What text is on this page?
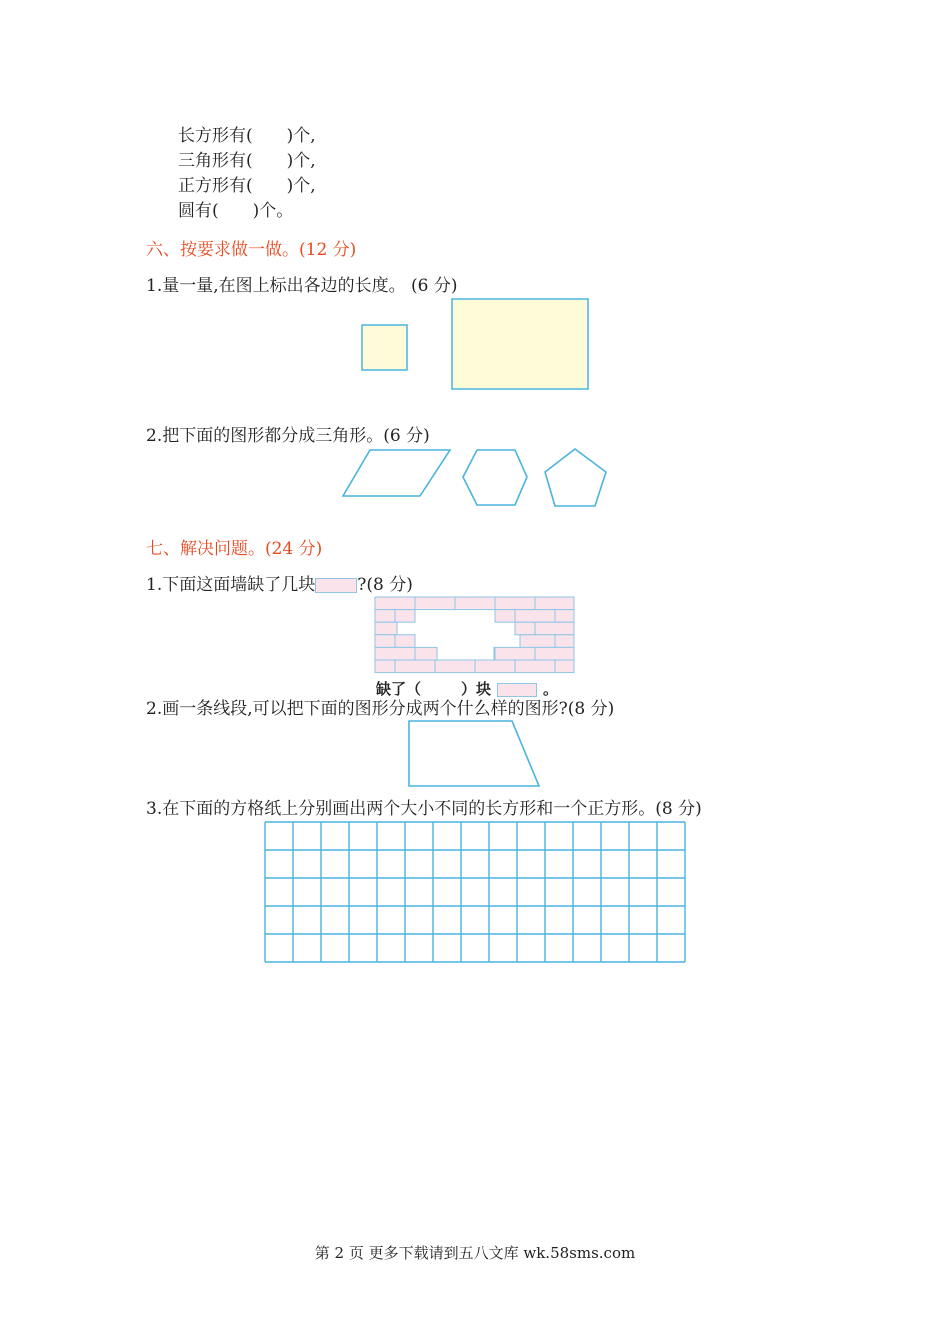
长方形有(　　)个,
三角形有(　　)个,
正方形有(　　)个,
圆有(　　)个。
六、按要求做一做。(12 分)
1.量一量,在图上标出各边的长度。 (6 分)
2.把下面的图形都分成三角形。(6 分)
七、解决问题。(24 分)
1.下面这面墙缺了几块 ?(8 分)
缺了（	）块	。
2.画一条线段,可以把下面的图形分成两个什么样的图形?(8 分)
3.在下面的方格纸上分别画出两个大小不同的长方形和一个正方形。(8 分)
第 2 页 更多下载请到五八文库 wk.58sms.com
